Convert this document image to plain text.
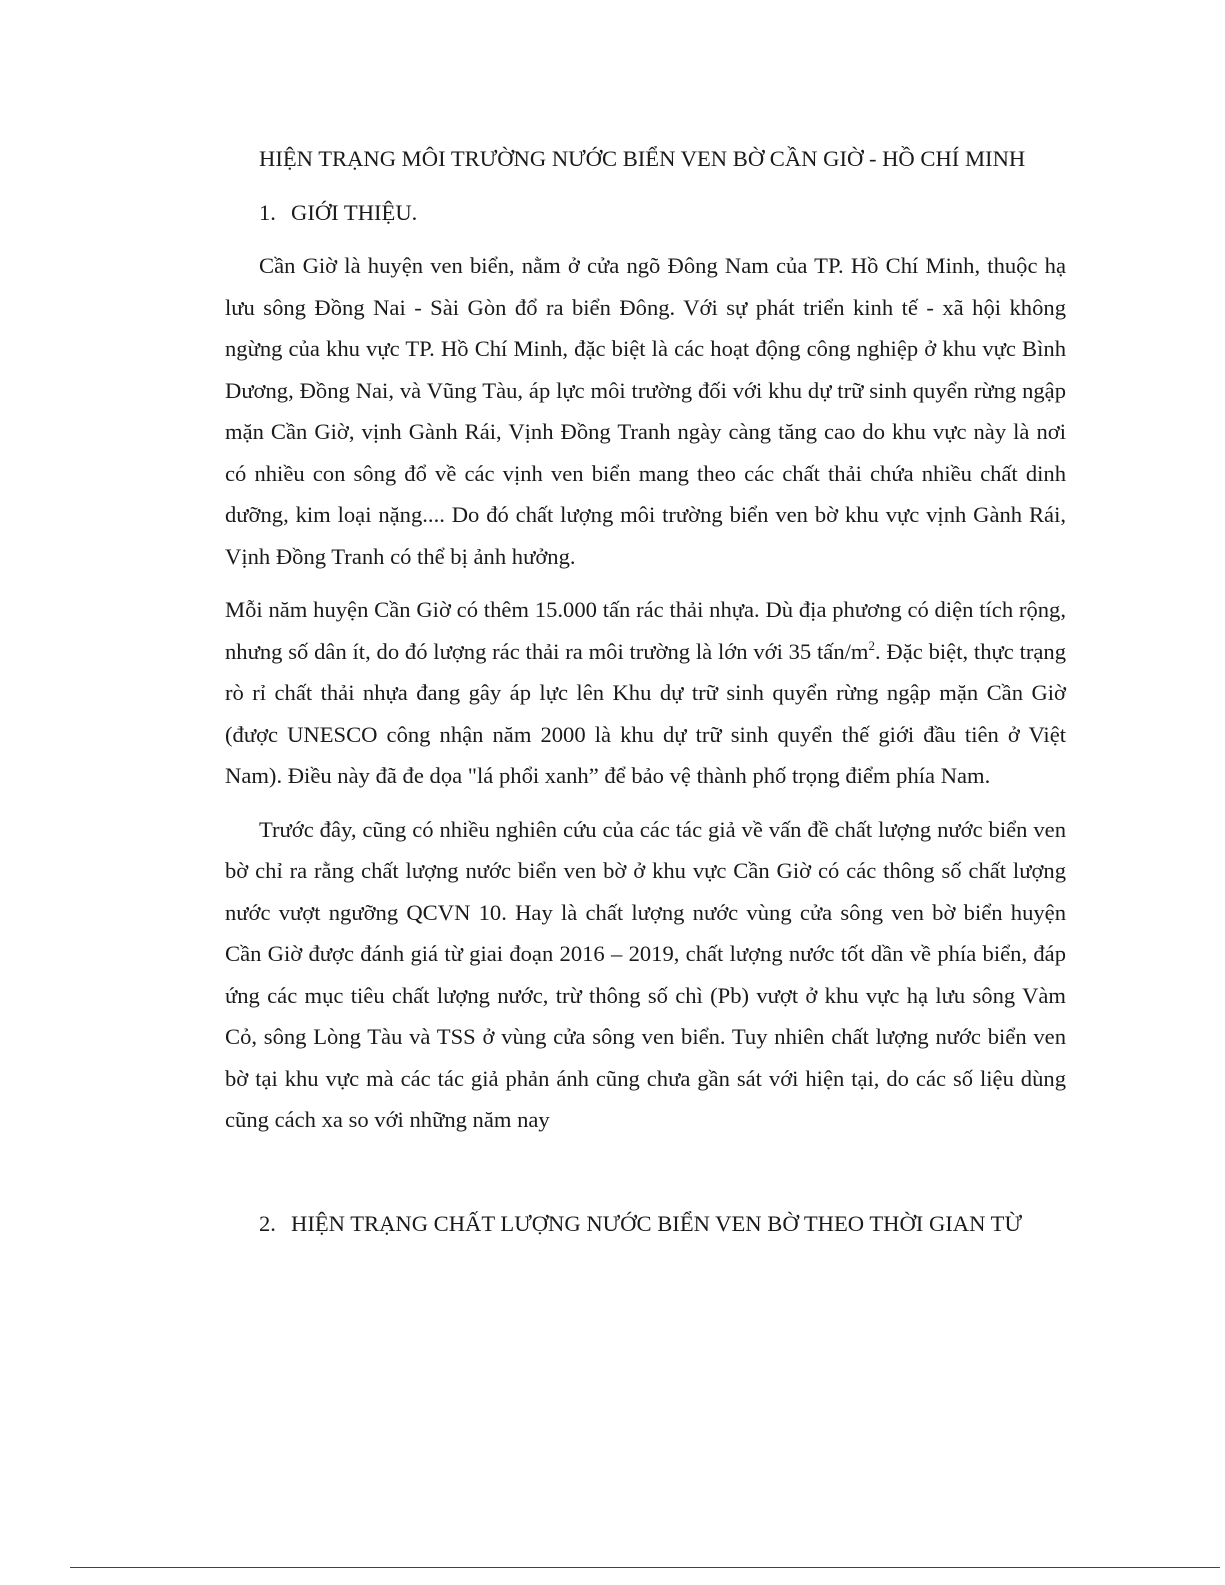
HIỆN TRẠNG MÔI TRƯỜNG NƯỚC BIỂN VEN BỜ CẦN GIỜ - HỒ CHÍ MINH

1. GIỚI THIỆU.

Cần Giờ là huyện ven biển, nằm ở cửa ngõ Đông Nam của TP. Hồ Chí Minh, thuộc hạ lưu sông Đồng Nai - Sài Gòn đổ ra biển Đông. Với sự phát triển kinh tế - xã hội không ngừng của khu vực TP. Hồ Chí Minh, đặc biệt là các hoạt động công nghiệp ở khu vực Bình Dương, Đồng Nai, và Vũng Tàu, áp lực môi trường đối với khu dự trữ sinh quyển rừng ngập mặn Cần Giờ, vịnh Gành Rái, Vịnh Đồng Tranh ngày càng tăng cao do khu vực này là nơi có nhiều con sông đổ về các vịnh ven biển mang theo các chất thải chứa nhiều chất dinh dưỡng, kim loại nặng.... Do đó chất lượng môi trường biển ven bờ khu vực vịnh Gành Rái, Vịnh Đồng Tranh có thể bị ảnh hưởng.

Mỗi năm huyện Cần Giờ có thêm 15.000 tấn rác thải nhựa. Dù địa phương có diện tích rộng, nhưng số dân ít, do đó lượng rác thải ra môi trường là lớn với 35 tấn/$m^2$. Đặc biệt, thực trạng rò rỉ chất thải nhựa đang gây áp lực lên Khu dự trữ sinh quyển rừng ngập mặn Cần Giờ (được UNESCO công nhận năm 2000 là khu dự trữ sinh quyển thế giới đầu tiên ở Việt Nam). Điều này đã đe dọa "lá phổi xanh” để bảo vệ thành phố trọng điểm phía Nam.

Trước đây, cũng có nhiều nghiên cứu của các tác giả về vấn đề chất lượng nước biển ven bờ chỉ ra rằng chất lượng nước biển ven bờ ở khu vực Cần Giờ có các thông số chất lượng nước vượt ngưỡng QCVN 10. Hay là chất lượng nước vùng cửa sông ven bờ biển huyện Cần Giờ được đánh giá từ giai đoạn 2016 – 2019, chất lượng nước tốt dần về phía biển, đáp ứng các mục tiêu chất lượng nước, trừ thông số chì (Pb) vượt ở khu vực hạ lưu sông Vàm Cỏ, sông Lòng Tàu và TSS ở vùng cửa sông ven biển. Tuy nhiên chất lượng nước biển ven bờ tại khu vực mà các tác giả phản ánh cũng chưa gần sát với hiện tại, do các số liệu dùng cũng cách xa so với những năm nay

2. HIỆN TRẠNG CHẤT LƯỢNG NƯỚC BIỂN VEN BỜ THEO THỜI GIAN TỪ
